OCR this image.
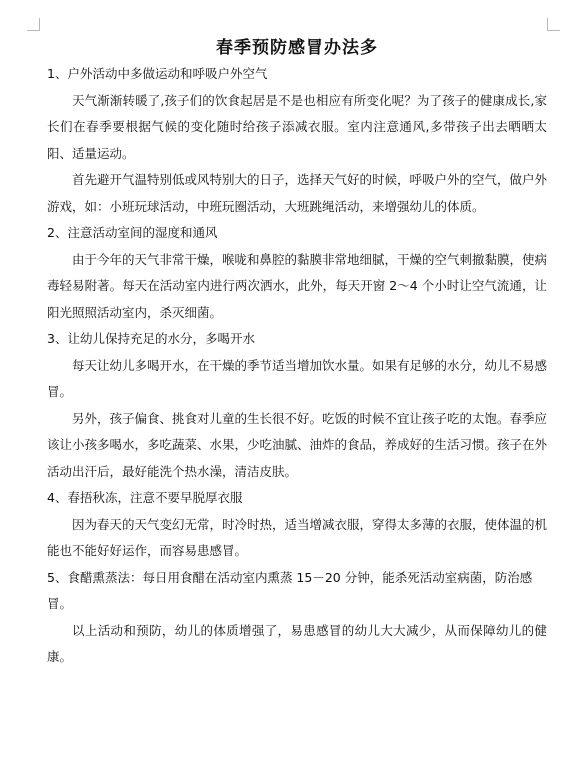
春季预防感冒办法多

1、户外活动中多做运动和呼吸户外空气

天气渐渐转暖了,孩子们的饮食起居是不是也相应有所变化呢？为了孩子的健康成长,家长们在春季要根据气候的变化随时给孩子添减衣服。室内注意通风,多带孩子出去晒晒太阳、适量运动。

首先避开气温特别低或风特别大的日子，选择天气好的时候，呼吸户外的空气，做户外游戏，如：小班玩球活动，中班玩圈活动，大班跳绳活动，来增强幼儿的体质。

2、注意活动室间的湿度和通风

由于今年的天气非常干燥，喉咙和鼻腔的黏膜非常地细腻，干燥的空气刺撤黏膜，使病毒轻易附著。每天在活动室内进行两次洒水，此外，每天开窗 2～4 个小时让空气流通，让阳光照照活动室内，杀灭细菌。

3、让幼儿保持充足的水分，多喝开水

每天让幼儿多喝开水，在干燥的季节适当增加饮水量。如果有足够的水分，幼儿不易感冒。

另外，孩子偏食、挑食对儿童的生长很不好。吃饭的时候不宜让孩子吃的太饱。春季应该让小孩多喝水，多吃蔬菜、水果，少吃油腻、油炸的食品，养成好的生活习惯。孩子在外活动出汗后，最好能洗个热水澡，清洁皮肤。

4、春捂秋冻，注意不要早脱厚衣服

因为春天的天气变幻无常，时冷时热，适当增减衣服，穿得太多薄的衣服，使体温的机能也不能好好运作，而容易患感冒。

5、食醋熏蒸法：每日用食醋在活动室内熏蒸 15－20 分钟，能杀死活动室病菌，防治感冒。

以上活动和预防，幼儿的体质增强了，易患感冒的幼儿大大减少，从而保障幼儿的健康。
